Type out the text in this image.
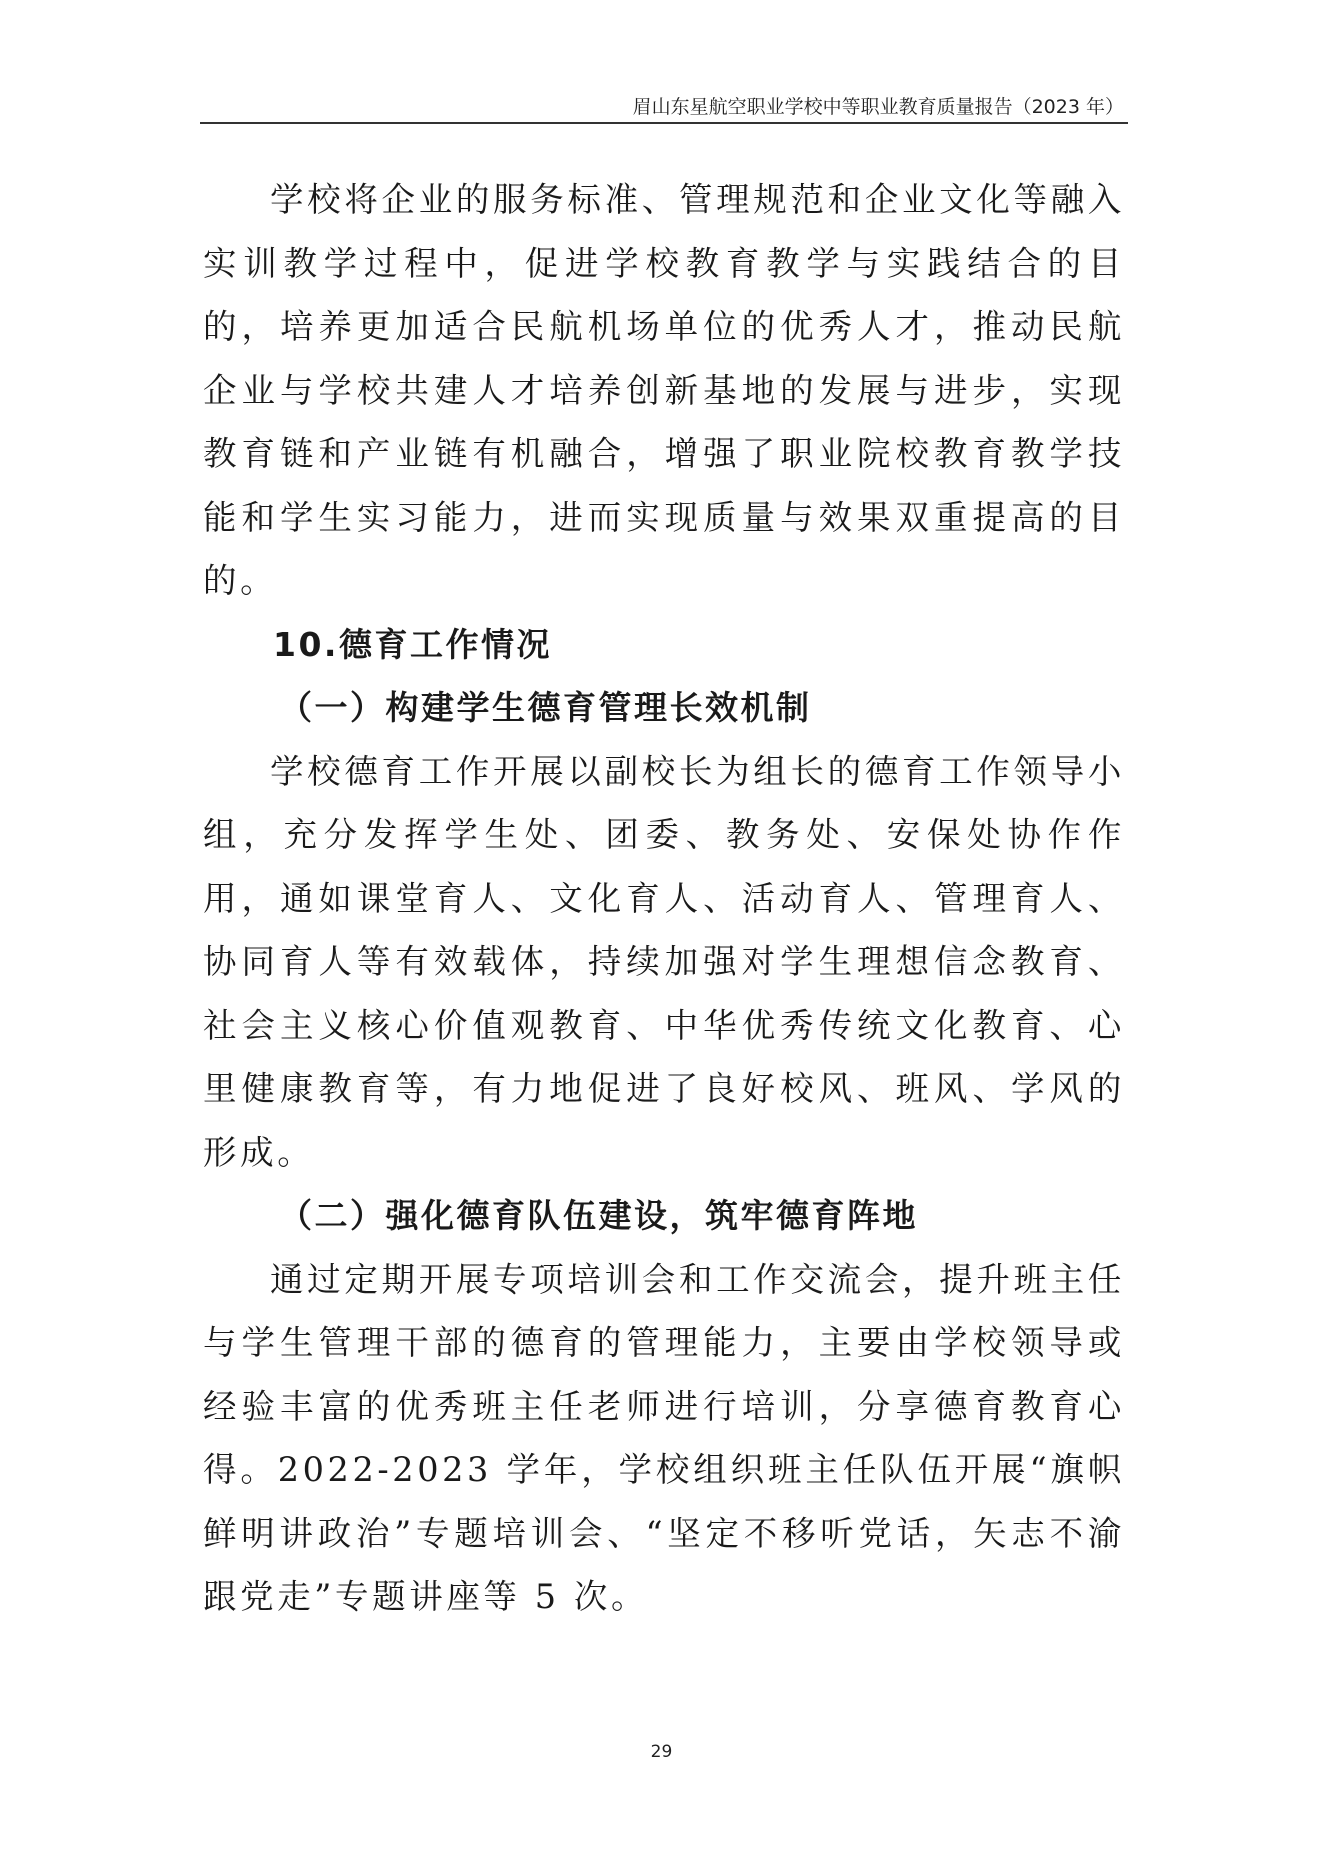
眉山东星航空职业学校中等职业教育质量报告（2023 年）

学校将企业的服务标准、管理规范和企业文化等融入实训教学过程中，促进学校教育教学与实践结合的目的，培养更加适合民航机场单位的优秀人才，推动民航企业与学校共建人才培养创新基地的发展与进步，实现教育链和产业链有机融合，增强了职业院校教育教学技能和学生实习能力，进而实现质量与效果双重提高的目的。

10.德育工作情况
（一）构建学生德育管理长效机制

学校德育工作开展以副校长为组长的德育工作领导小组，充分发挥学生处、团委、教务处、安保处协作作用，通如课堂育人、文化育人、活动育人、管理育人、协同育人等有效载体，持续加强对学生理想信念教育、社会主义核心价值观教育、中华优秀传统文化教育、心里健康教育等，有力地促进了良好校风、班风、学风的形成。

（二）强化德育队伍建设，筑牢德育阵地

通过定期开展专项培训会和工作交流会，提升班主任与学生管理干部的德育的管理能力，主要由学校领导或经验丰富的优秀班主任老师进行培训，分享德育教育心得。2022-2023 学年，学校组织班主任队伍开展“旗帜鲜明讲政治”专题培训会、“坚定不移听党话，矢志不渝跟党走”专题讲座等 5 次。

29
